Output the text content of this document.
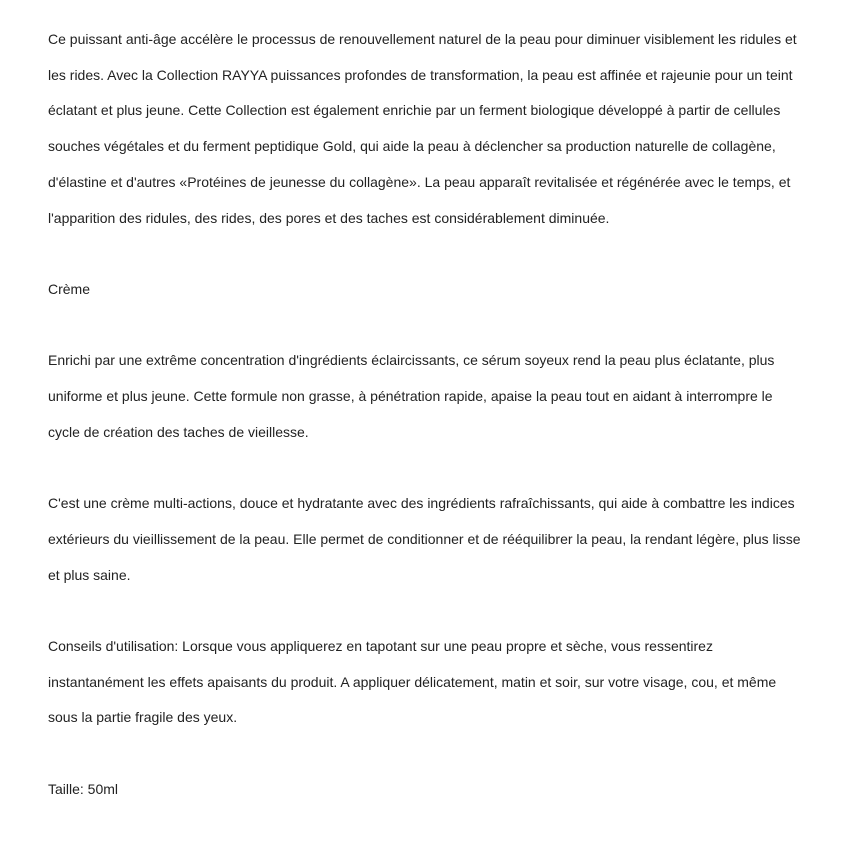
Ce puissant anti-âge accélère le processus de renouvellement naturel de la peau pour diminuer visiblement les ridules et les rides. Avec la Collection RAYYA puissances profondes de transformation, la peau est affinée et rajeunie pour un teint éclatant et plus jeune. Cette Collection est également enrichie par un ferment biologique développé à partir de cellules souches végétales et du ferment peptidique Gold, qui aide la peau à déclencher sa production naturelle de collagène, d'élastine et d'autres «Protéines de jeunesse du collagène». La peau apparaît revitalisée et régénérée avec le temps, et l'apparition des ridules, des rides, des pores et des taches est considérablement diminuée.

Crème

Enrichi par une extrême concentration d'ingrédients éclaircissants, ce sérum soyeux rend la peau plus éclatante, plus uniforme et plus jeune. Cette formule non grasse, à pénétration rapide, apaise la peau tout en aidant à interrompre le cycle de création des taches de vieillesse.

C'est une crème multi-actions, douce et hydratante avec des ingrédients rafraîchissants, qui aide à combattre les indices extérieurs du vieillissement de la peau. Elle permet de conditionner et de rééquilibrer la peau, la rendant légère, plus lisse et plus saine.

Conseils d'utilisation: Lorsque vous appliquerez en tapotant sur une peau propre et sèche, vous ressentirez instantanément les effets apaisants du produit. A appliquer délicatement, matin et soir, sur votre visage, cou, et même sous la partie fragile des yeux.

Taille: 50ml
